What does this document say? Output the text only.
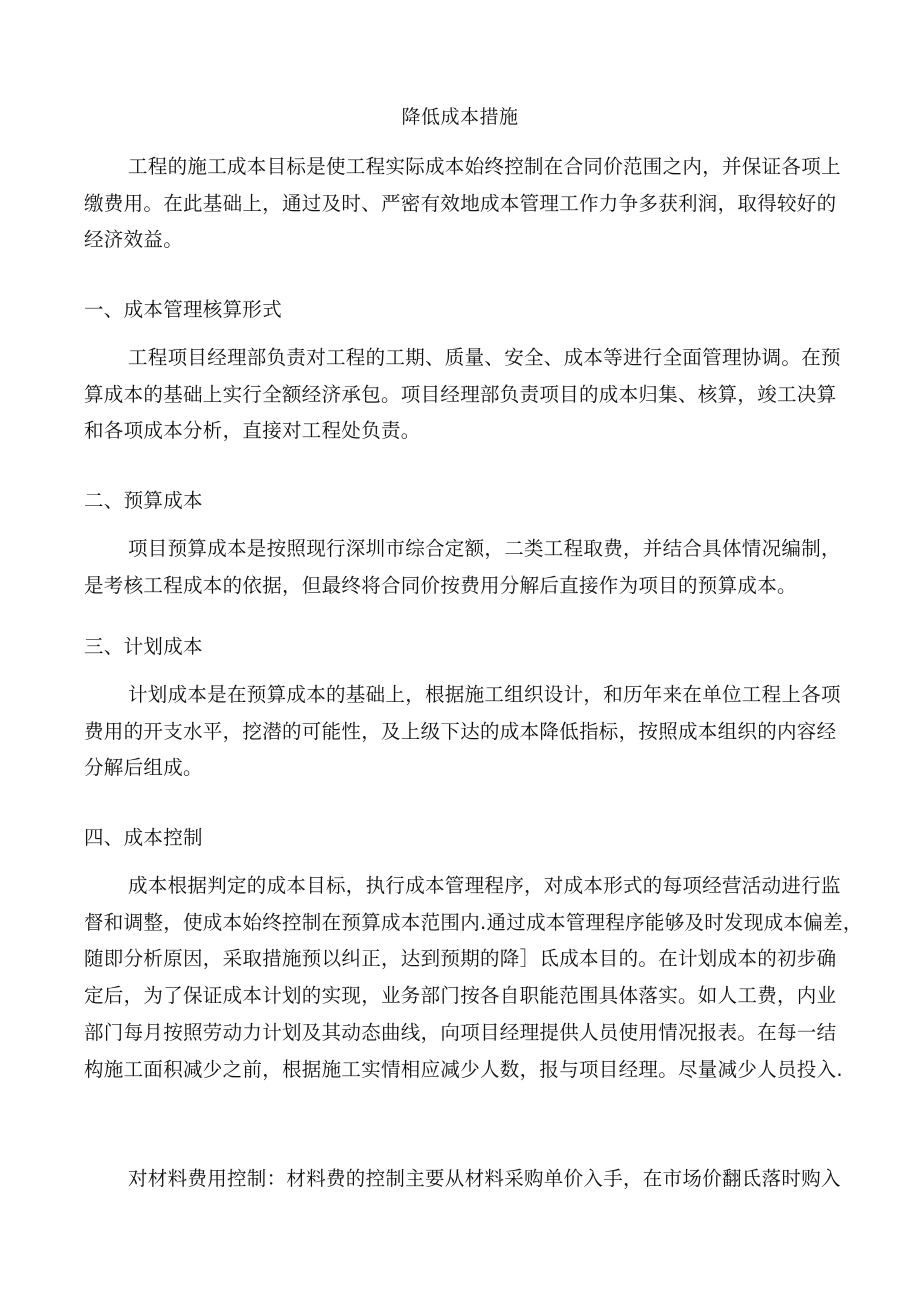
降低成本措施
工程的施工成本目标是使工程实际成本始终控制在合同价范围之内，并保证各项上
缴费用。在此基础上，通过及时、严密有效地成本管理工作力争多获利润，取得较好的
经济效益。
一、成本管理核算形式
工程项目经理部负责对工程的工期、质量、安全、成本等进行全面管理协调。在预
算成本的基础上实行全额经济承包。项目经理部负责项目的成本归集、核算，竣工决算
和各项成本分析，直接对工程处负责。
二、预算成本
项目预算成本是按照现行深圳市综合定额，二类工程取费，并结合具体情况编制，
是考核工程成本的依据，但最终将合同价按费用分解后直接作为项目的预算成本。
三、计划成本
计划成本是在预算成本的基础上，根据施工组织设计，和历年来在单位工程上各项
费用的开支水平，挖潜的可能性，及上级下达的成本降低指标，按照成本组织的内容经
分解后组成。
四、成本控制
成本根据判定的成本目标，执行成本管理程序，对成本形式的每项经营活动进行监
督和调整，使成本始终控制在预算成本范围内.通过成本管理程序能够及时发现成本偏差，
随即分析原因，采取措施预以纠正，达到预期的降］氐成本目的。在计划成本的初步确
定后，为了保证成本计划的实现，业务部门按各自职能范围具体落实。如人工费，内业
部门每月按照劳动力计划及其动态曲线，向项目经理提供人员使用情况报表。在每一结
构施工面积减少之前，根据施工实情相应减少人数，报与项目经理。尽量减少人员投入.
对材料费用控制：材料费的控制主要从材料采购单价入手，在市场价翻氐落时购入
